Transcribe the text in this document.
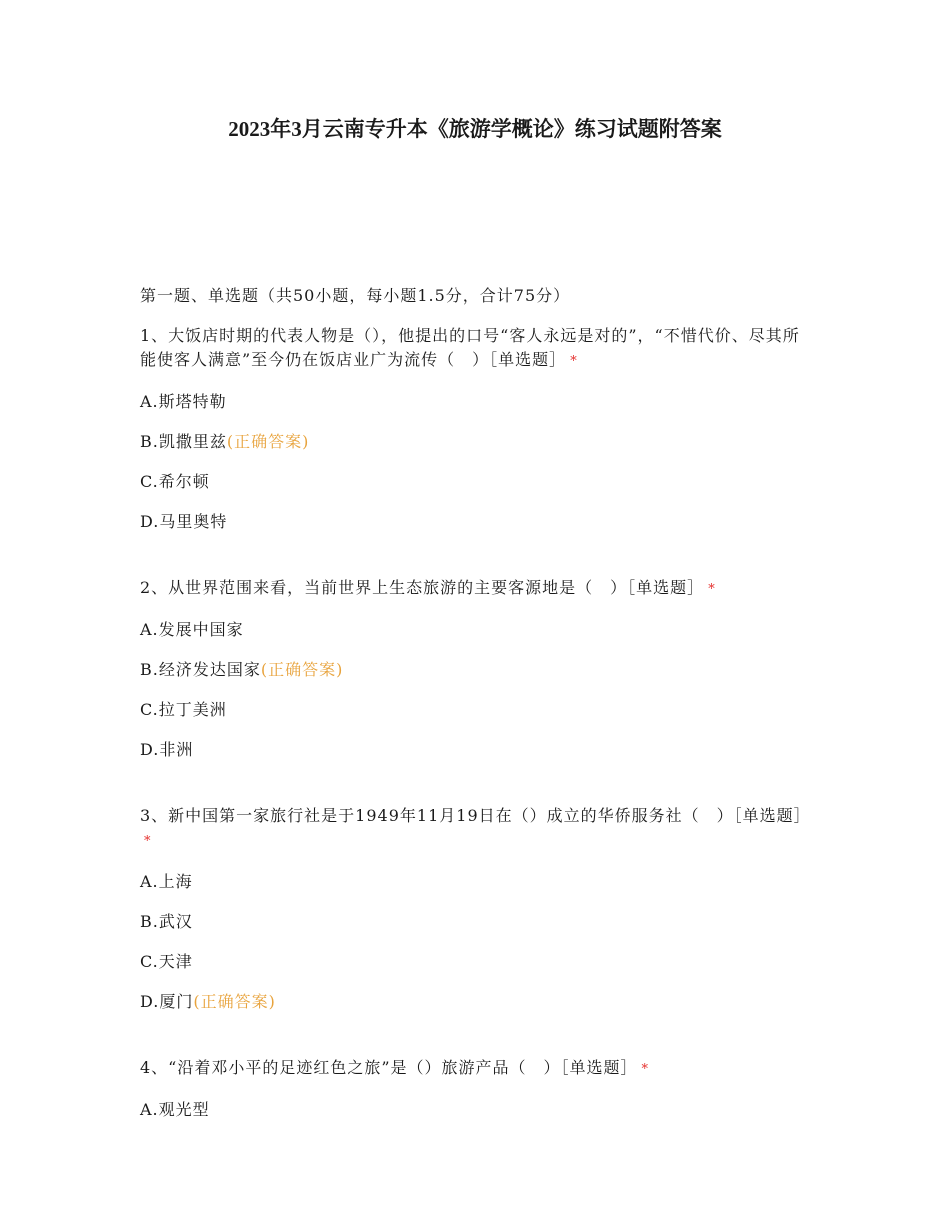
2023年3月云南专升本《旅游学概论》练习试题附答案

第一题、单选题（共50小题，每小题1.5分，合计75分）

1、大饭店时期的代表人物是（），他提出的口号“客人永远是对的”，“不惜代价、尽其所能使客人满意”至今仍在饭店业广为流传（　）［单选题］ *

A.斯塔特勒

B.凯撒里兹(正确答案)

C.希尔顿

D.马里奥特

2、从世界范围来看，当前世界上生态旅游的主要客源地是（　）［单选题］ *

A.发展中国家

B.经济发达国家(正确答案)

C.拉丁美洲

D.非洲

3、新中国第一家旅行社是于1949年11月19日在（）成立的华侨服务社（　）［单选题］*

A.上海

B.武汉

C.天津

D.厦门(正确答案)

4、“沿着邓小平的足迹红色之旅”是（）旅游产品（　）［单选题］ *

A.观光型
